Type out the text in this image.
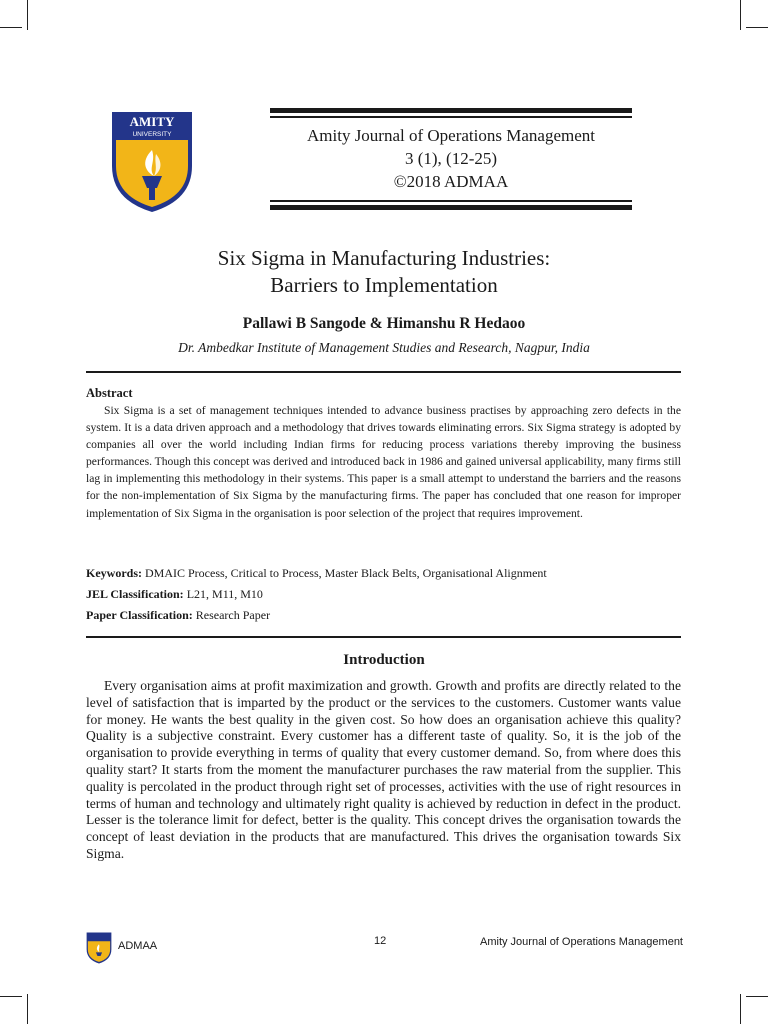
AMITY
UNIVERSITY	Amity Journal of Operations Management
3 (1), (12-25)
©2018 ADMAA
Six Sigma in Manufacturing Industries:
Barriers to Implementation
Pallawi B Sangode & Himanshu R Hedaoo
Dr. Ambedkar Institute of Management Studies and Research, Nagpur, India
Abstract
Six Sigma is a set of management techniques intended to advance business practises by approaching zero defects in the system. It is a data driven approach and a methodology that drives towards eliminating errors. Six Sigma strategy is adopted by companies all over the world including Indian firms for reducing process variations thereby improving the business performances. Though this concept was derived and introduced back in 1986 and gained universal applicability, many firms still lag in implementing this methodology in their systems. This paper is a small attempt to understand the barriers and the reasons for the non-implementation of Six Sigma by the manufacturing firms. The paper has concluded that one reason for improper implementation of Six Sigma in the organisation is poor selection of the project that requires improvement.
Keywords: DMAIC Process, Critical to Process, Master Black Belts, Organisational Alignment
JEL Classification: L21, M11, M10
Paper Classification: Research Paper
Introduction
Every organisation aims at profit maximization and growth. Growth and profits are directly related to the level of satisfaction that is imparted by the product or the services to the customers. Customer wants value for money. He wants the best quality in the given cost. So how does an organisation achieve this quality? Quality is a subjective constraint. Every customer has a different taste of quality. So, it is the job of the organisation to provide everything in terms of quality that every customer demand. So, from where does this quality start? It starts from the moment the manufacturer purchases the raw material from the supplier. This quality is percolated in the product through right set of processes, activities with the use of right resources in terms of human and technology and ultimately right quality is achieved by reduction in defect in the product. Lesser is the tolerance limit for defect, better is the quality. This concept drives the organisation towards the concept of least deviation in the products that are manufactured. This drives the organisation towards Six Sigma.
ADMAA	12	Amity Journal of Operations Management
